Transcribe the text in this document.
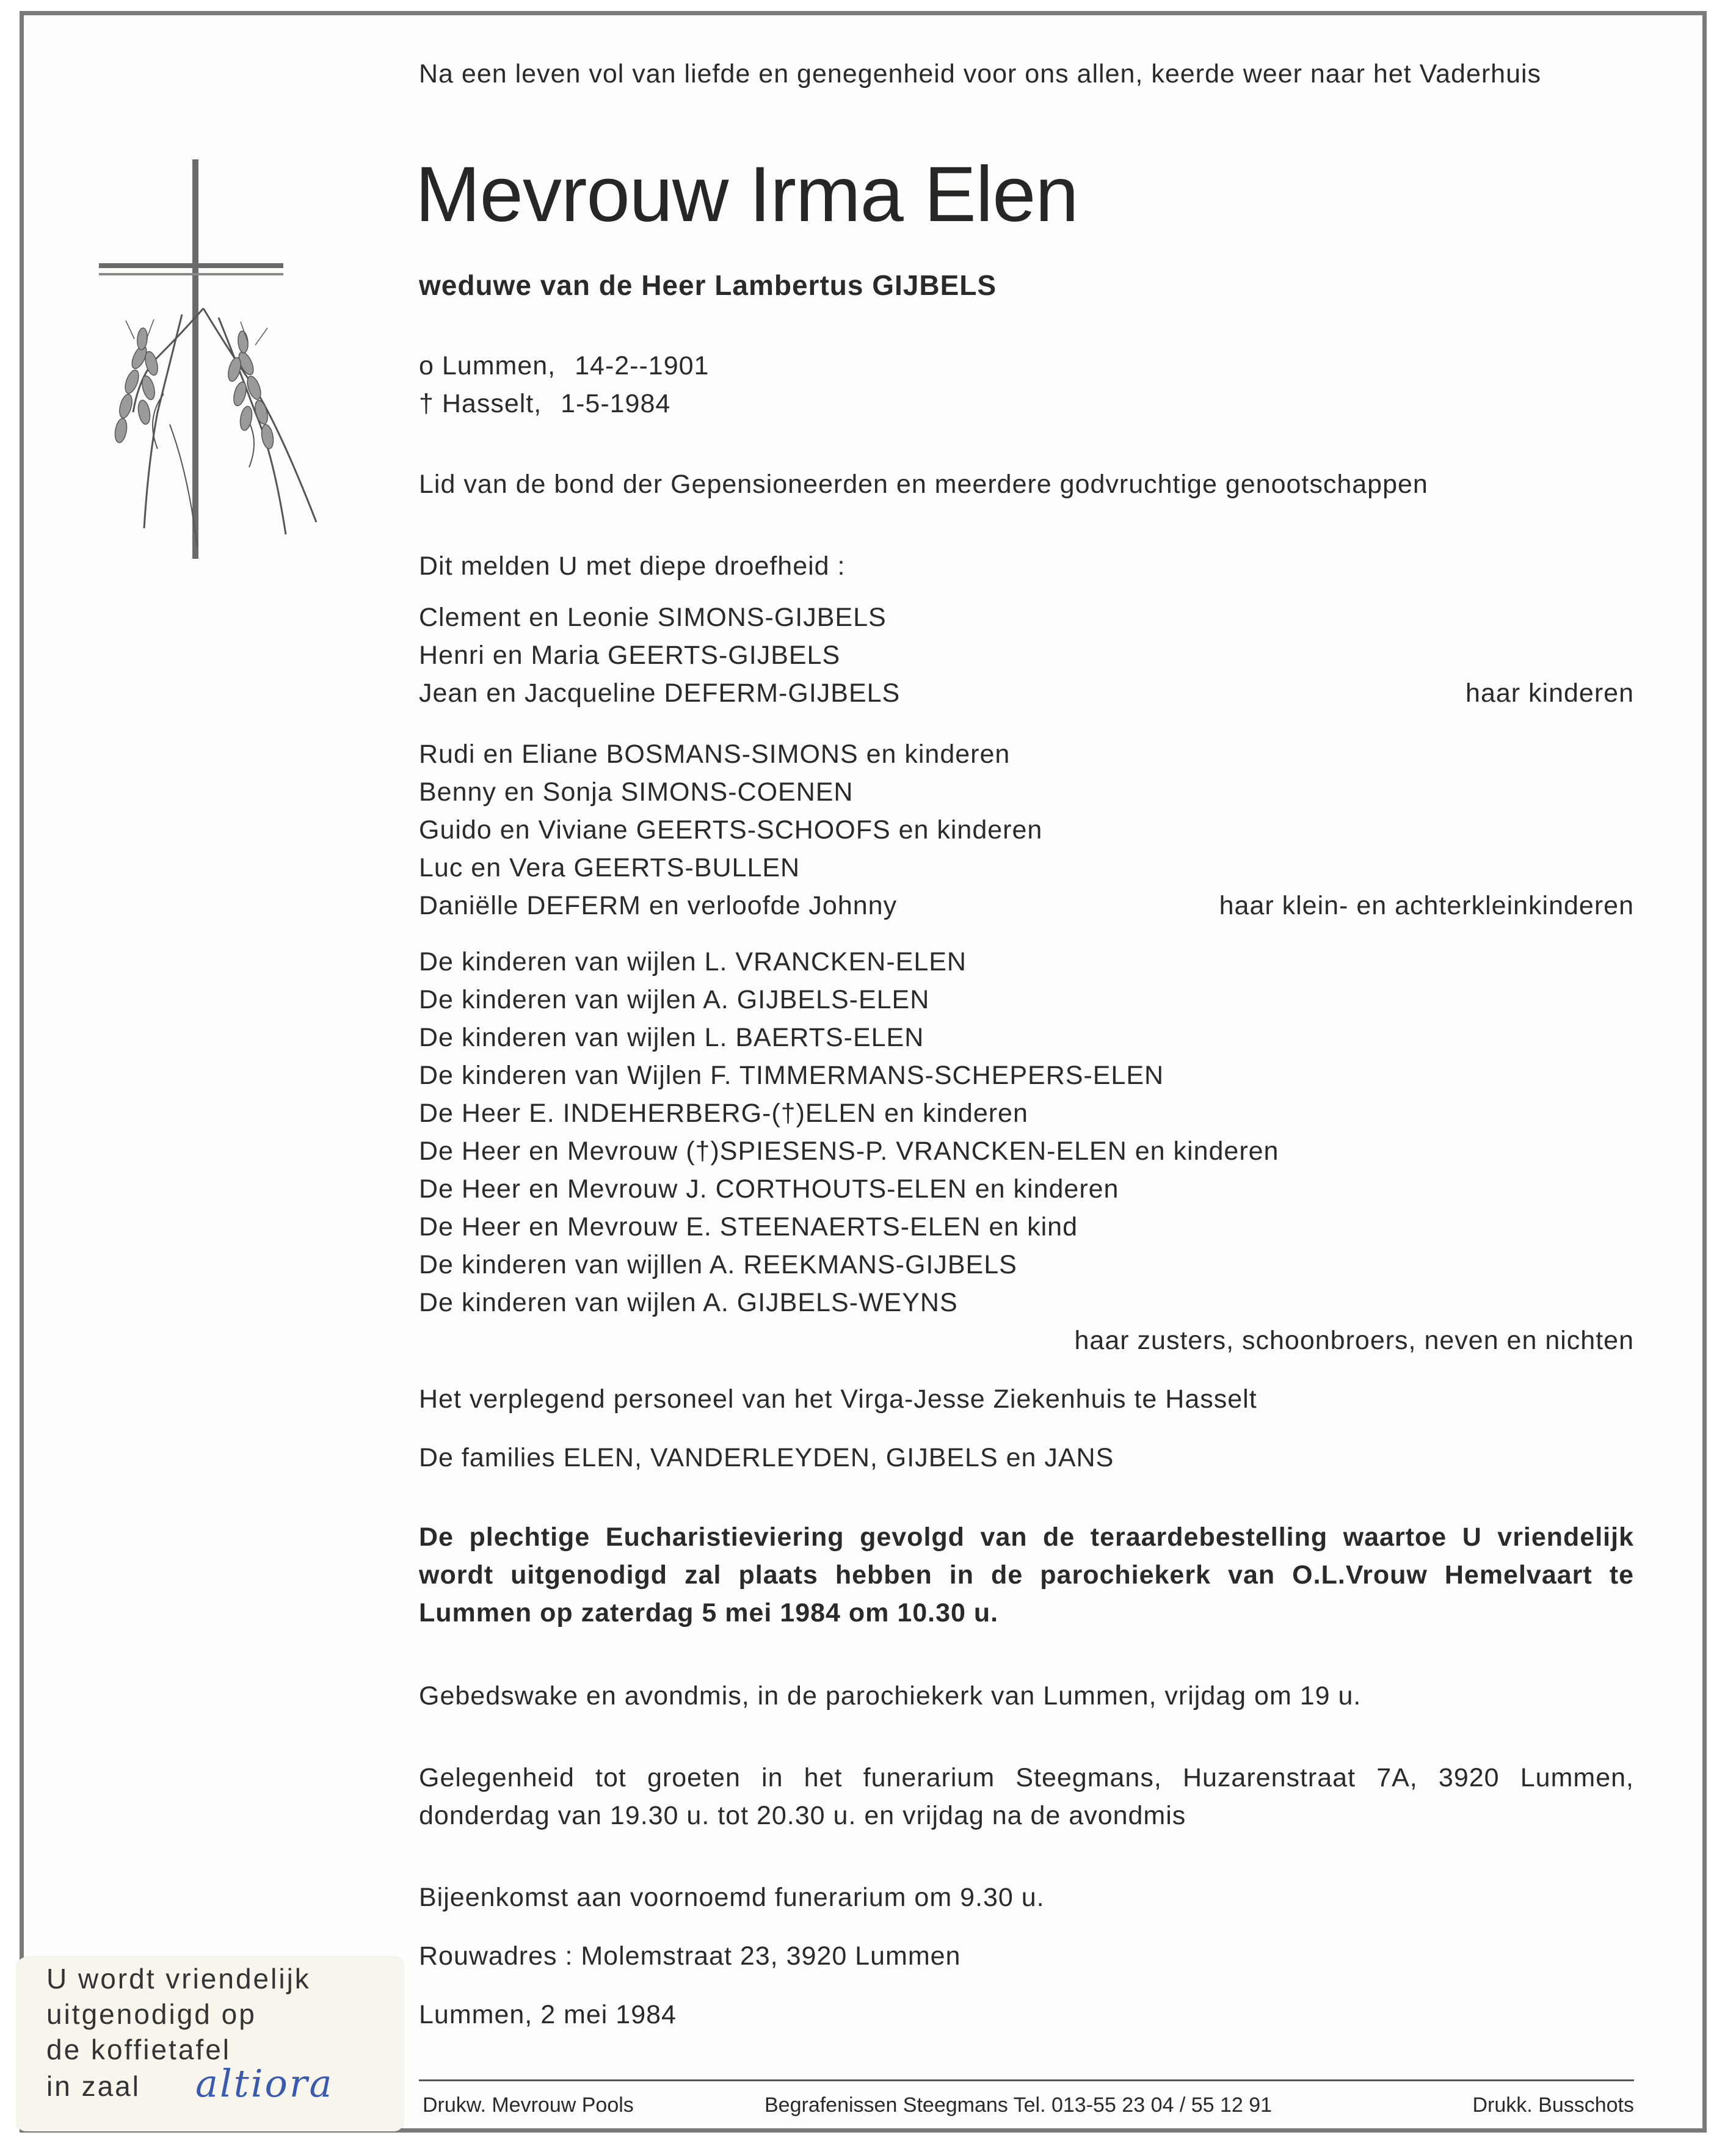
Na een leven vol van liefde en genegenheid voor ons allen, keerde weer naar het Vaderhuis
Mevrouw Irma Elen
weduwe van de Heer Lambertus GIJBELS
o Lummen, 14-2--1901
† Hasselt, 1-5-1984
Lid van de bond der Gepensioneerden en meerdere godvruchtige genootschappen
Dit melden U met diepe droefheid :
Clement en Leonie SIMONS-GIJBELS
Henri en Maria GEERTS-GIJBELS
Jean en Jacqueline DEFERM-GIJBELS	haar kinderen
Rudi en Eliane BOSMANS-SIMONS en kinderen
Benny en Sonja SIMONS-COENEN
Guido en Viviane GEERTS-SCHOOFS en kinderen
Luc en Vera GEERTS-BULLEN
Daniëlle DEFERM en verloofde Johnny	haar klein- en achterkleinkinderen
De kinderen van wijlen L. VRANCKEN-ELEN
De kinderen van wijlen A. GIJBELS-ELEN
De kinderen van wijlen L. BAERTS-ELEN
De kinderen van Wijlen F. TIMMERMANS-SCHEPERS-ELEN
De Heer E. INDEHERBERG-(†)ELEN en kinderen
De Heer en Mevrouw (†)SPIESENS-P. VRANCKEN-ELEN en kinderen
De Heer en Mevrouw J. CORTHOUTS-ELEN en kinderen
De Heer en Mevrouw E. STEENAERTS-ELEN en kind
De kinderen van wijllen A. REEKMANS-GIJBELS
De kinderen van wijlen A. GIJBELS-WEYNS
haar zusters, schoonbroers, neven en nichten
Het verplegend personeel van het Virga-Jesse Ziekenhuis te Hasselt
De families ELEN, VANDERLEYDEN, GIJBELS en JANS
De plechtige Eucharistieviering gevolgd van de teraardebestelling waartoe U vriendelijk wordt uitgenodigd zal plaats hebben in de parochiekerk van O.L.Vrouw Hemelvaart te Lummen op zaterdag 5 mei 1984 om 10.30 u.
Gebedswake en avondmis, in de parochiekerk van Lummen, vrijdag om 19 u.
Gelegenheid tot groeten in het funerarium Steegmans, Huzarenstraat 7A, 3920 Lummen, donderdag van 19.30 u. tot 20.30 u. en vrijdag na de avondmis
Bijeenkomst aan voornoemd funerarium om 9.30 u.
Rouwadres : Molemstraat 23, 3920 Lummen
Lummen, 2 mei 1984
Drukw. Mevrouw Pools	Begrafenissen Steegmans Tel. 013-55 23 04 / 55 12 91	Drukk. Busschots
U wordt vriendelijk
uitgenodigd op
de koffietafel
in zaal altiora
